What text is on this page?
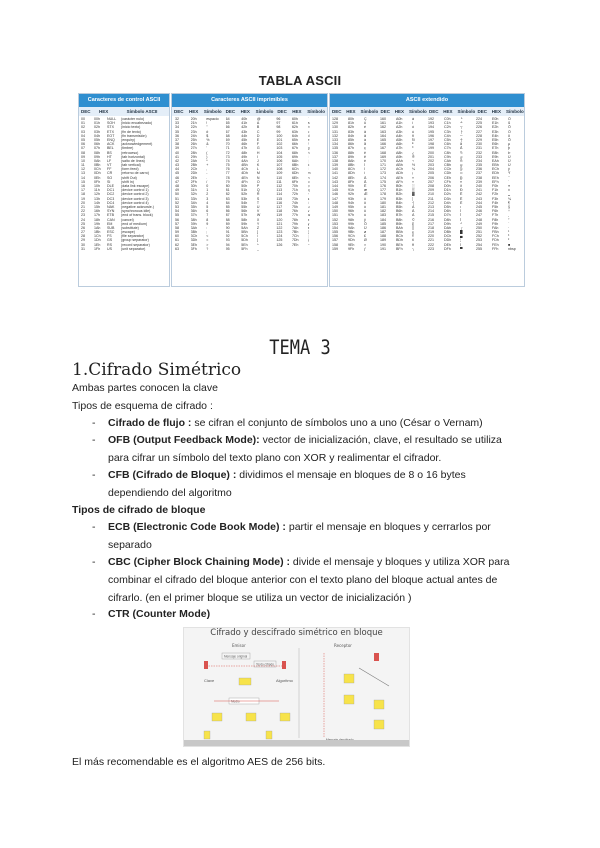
TABLA ASCII
Caracteres de control ASCII
DEC	HEX	Símbolo ASCII
00	00h	NULL	(carácter nulo)
01	01h	SOH	(inicio encabezado)
02	02h	STX	(inicio texto)
03	03h	ETX	(fin de texto)
04	04h	EOT	(fin transmisión)
05	05h	ENQ	(enquiry)
06	06h	ACK	(acknowledgement)
07	07h	BEL	(timbre)
08	08h	BS	(retroceso)
09	09h	HT	(tab horizontal)
10	0Ah	LF	(salto de línea)
11	0Bh	VT	(tab vertical)
12	0Ch	FF	(form feed)
13	0Dh	CR	(retorno de carro)
14	0Eh	SO	(shift Out)
15	0Fh	SI	(shift In)
16	10h	DLE	(data link escape)
17	11h	DC1	(device control 1)
18	12h	DC2	(device control 2)
19	13h	DC3	(device control 3)
20	14h	DC4	(device control 4)
21	15h	NAK	(negative acknowle.)
22	16h	SYN	(synchronous idle)
23	17h	ETB	(end of trans. block)
24	18h	CAN	(cancel)
25	19h	EM	(end of medium)
26	1Ah	SUB	(substitute)
27	1Bh	ESC	(escape)
28	1Ch	FS	(file separator)
29	1Dh	GS	(group separator)
30	1Eh	RS	(record separator)
31	1Fh	US	(unit separator)
Caracteres ASCII imprimibles
DEC	HEX	Símbolo DEC	HEX	Símbolo DEC	HEX	Símbolo
32	20h	espacio	64	40h	@	96	60h	`
33	21h	!	65	41h	A	97	61h	a
34	22h	"	66	42h	B	98	62h	b
35	23h	#	67	43h	C	99	63h	c
36	24h	$	68	44h	D	100	64h	d
37	25h	%	69	45h	E	101	65h	e
38	26h	&	70	46h	F	102	66h	f
39	27h	'	71	47h	G	103	67h	g
40	28h	(	72	48h	H	104	68h	h
41	29h	)	73	49h	I	105	69h	i
42	2Ah	*	74	4Ah	J	106	6Ah	j
43	2Bh	+	75	4Bh	K	107	6Bh	k
44	2Ch	,	76	4Ch	L	108	6Ch	l
45	2Dh	-	77	4Dh	M	109	6Dh	m
46	2Eh	.	78	4Eh	N	110	6Eh	n
47	2Fh	/	79	4Fh	O	111	6Fh	o
48	30h	0	80	50h	P	112	70h	p
49	31h	1	81	51h	Q	113	71h	q
50	32h	2	82	52h	R	114	72h	r
51	33h	3	83	53h	S	115	73h	s
52	34h	4	84	54h	T	116	74h	t
53	35h	5	85	55h	U	117	75h	u
54	36h	6	86	56h	V	118	76h	v
55	37h	7	87	57h	W	119	77h	w
56	38h	8	88	58h	X	120	78h	x
57	39h	9	89	59h	Y	121	79h	y
58	3Ah	:	90	5Ah	Z	122	7Ah	z
59	3Bh	;	91	5Bh	[	123	7Bh	{
60	3Ch	<	92	5Ch	\	124	7Ch	|
61	3Dh	=	93	5Dh	]	125	7Dh	}
62	3Eh	>	94	5Eh	^	126	7Eh	~
63	3Fh	?	95	5Fh	_
ASCII extendido
DEC	HEX	Símbolo DEC	HEX	Símbolo DEC	HEX	Símbolo DEC	HEX	Símbolo
128	80h	Ç	160	A0h	á	192	C0h	└	224	E0h	Ó
129	81h	ü	161	A1h	í	193	C1h	┴	225	E1h	ß
130	82h	é	162	A2h	ó	194	C2h	┬	226	E2h	Ô
131	83h	â	163	A3h	ú	195	C3h	├	227	E3h	Ò
132	84h	ä	164	A4h	ñ	196	C4h	─	228	E4h	õ
133	85h	à	165	A5h	Ñ	197	C5h	┼	229	E5h	Õ
134	86h	å	166	A6h	ª	198	C6h	ã	230	E6h	µ
135	87h	ç	167	A7h	º	199	C7h	Ã	231	E7h	þ
136	88h	ê	168	A8h	¿	200	C8h	╚	232	E8h	Þ
137	89h	ë	169	A9h	®	201	C9h	╔	233	E9h	Ú
138	8Ah	è	170	AAh	¬	202	CAh	╩	234	EAh	Û
139	8Bh	ï	171	ABh	½	203	CBh	╦	235	EBh	Ù
140	8Ch	î	172	ACh	¼	204	CCh	╠	236	ECh	ý
141	8Dh	ì	173	ADh	¡	205	CDh	═	237	EDh	Ý
142	8Eh	Ä	174	AEh	«	206	CEh	╬	238	EEh	¯
143	8Fh	Å	175	AFh	»	207	CFh	¤	239	EFh	´
144	90h	É	176	B0h	░	208	D0h	ð	240	F0h	≡
145	91h	æ	177	B1h	▒	209	D1h	Ð	241	F1h	±
146	92h	Æ	178	B2h	▓	210	D2h	Ê	242	F2h	‗
147	93h	ô	179	B3h	│	211	D3h	Ë	243	F3h	¾
148	94h	ö	180	B4h	┤	212	D4h	È	244	F4h	¶
149	95h	ò	181	B5h	Á	213	D5h	ı	245	F5h	§
150	96h	û	182	B6h	Â	214	D6h	Í	246	F6h	÷
151	97h	ù	183	B7h	À	215	D7h	Î	247	F7h	¸
152	98h	ÿ	184	B8h	©	216	D8h	Ï	248	F8h	°
153	99h	Ö	185	B9h	╣	217	D9h	┘	249	F9h	¨
154	9Ah	Ü	186	BAh	║	218	DAh	┌	250	FAh	·
155	9Bh	ø	187	BBh	╗	219	DBh	█	251	FBh	¹
156	9Ch	£	188	BCh	╝	220	DCh	▄	252	FCh	³
157	9Dh	Ø	189	BDh	¢	221	DDh	¦	253	FDh	²
158	9Eh	×	190	BEh	¥	222	DEh	Ì	254	FEh	■
159	9Fh	ƒ	191	BFh	┐	223	DFh	▀	255	FFh	nbsp
TEMA 3
1.Cifrado Simétrico
Ambas partes conocen la clave
Tipos de esquema de cifrado :
- Cifrado de flujo : se cifran el conjunto de símbolos uno a uno (César o Vernam)
- OFB (Output Feedback Mode): vector de inicialización, clave, el resultado se utiliza
para cifrar un símbolo del texto plano con XOR y realimentar el cifrador.
- CFB (Cifrado de Bloque) : dividimos el mensaje en bloques de 8 o 16 bytes
dependiendo del algoritmo
Tipos de cifrado de bloque
- ECB (Electronic Code Book Mode) : partir el mensaje en bloques y cerrarlos por
separado
- CBC (Cipher Block Chaining Mode) : divide el mensaje y bloques y utiliza XOR para
combinar el cifrado del bloque anterior con el texto plano del bloque actual antes de
cifrarlo. (en el primer bloque se utiliza un vector de inicialización )
- CTR (Counter Mode)
Cifrado y descifrado simétrico en bloque
Emisor	Receptor
Mensaje original
Texto cifrado
Clave	Algoritmo
Medio
El más recomendable es el algoritmo AES de 256 bits.
